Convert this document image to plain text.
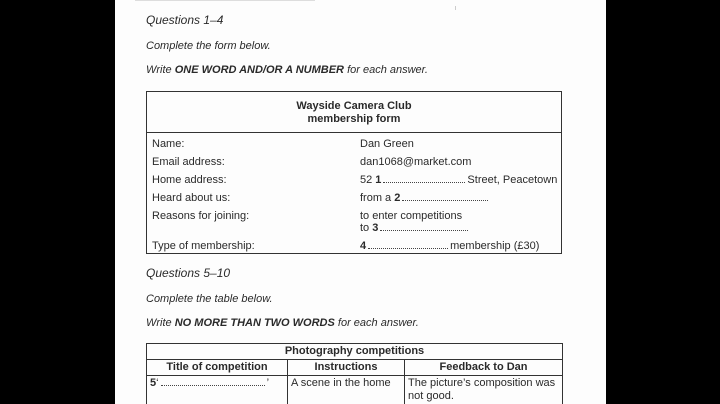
Questions 1–4
Complete the form below.
Write ONE WORD AND/OR A NUMBER for each answer.
Wayside Camera Club
membership form
Name:	Dan Green
Email address:	dan1068@market.com
Home address:	52 1	Street, Peacetown
Heard about us:	from a 2
Reasons for joining:	to enter competitions
to 3
Type of membership:	4	membership (£30)
Questions 5–10
Complete the table below.
Write NO MORE THAN TWO WORDS for each answer.
Photography competitions		
Title of competition	Instructions	Feedback to Dan
5‘ ’	A scene in the home	The picture’s composition was not good.
